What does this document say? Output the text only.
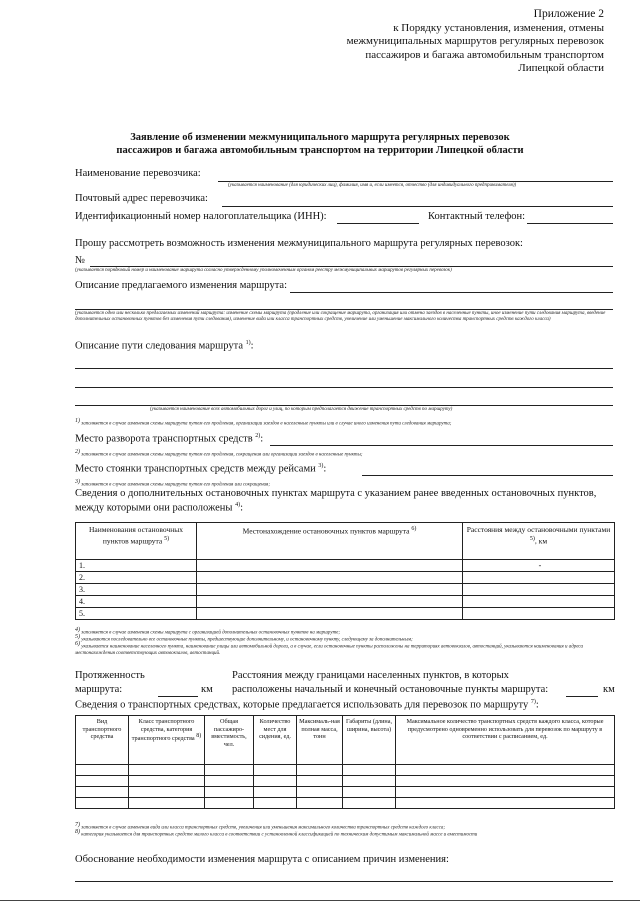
Приложение 2
к Порядку установления, изменения, отмены
межмуниципальных маршрутов регулярных перевозок
пассажиров и багажа автомобильным транспортом
Липецкой области
Заявление об изменении межмуниципального маршрута регулярных перевозок
пассажиров и багажа автомобильным транспортом на территории Липецкой области
Наименование перевозчика:
(указывается наименование (для юридических лиц), фамилия, имя и, если имеется, отчество (для индивидуального предпринимателя))
Почтовый адрес перевозчика:
Идентификационный номер налогоплательщика (ИНН):	Контактный телефон:
Прошу рассмотреть возможность изменения межмуниципального маршрута регулярных перевозок:
№
(указывается порядковый номер и наименование маршрута согласно утвержденному уполномоченным органом реестру межмуниципальных маршрутов регулярных перевозок)
Описание предлагаемого изменения маршрута:
(указывается одно или несколько предлагаемых изменений маршрута: изменение схемы маршрута (продление или сокращение маршрута, организация или отмена заездов в населенные пункты, иное изменение пути следования маршрута, введение дополнительных остановочных пунктов без изменения пути следования), изменение вида или класса транспортных средств, увеличение или уменьшение максимального количества транспортных средств каждого класса)
Описание пути следования маршрута $^{1)}$:
(указывается наименование всех автомобильных дорог и улиц, по которым предполагается движение транспортных средств по маршруту)
$^{1)}$ заполняется в случае изменения схемы маршрута путем его продления, организации заездов в населенные пункты или в случае иного изменения пути следования маршрута;
Место разворота транспортных средств $^{2)}$:
$^{2)}$ заполняется в случае изменения схемы маршрута путем его продления, сокращения или организации заездов в населенные пункты;
Место стоянки транспортных средств между рейсами $^{3)}$:
$^{3)}$ заполняется в случае изменения схемы маршрута путем его продления или сокращения;
Сведения о дополнительных остановочных пунктах маршрута с указанием ранее введенных остановочных пунктов,
между которыми они расположены $^{4)}$:
Наименования остановочных пунктов маршрута $^{5)}$	Местонахождение остановочных пунктов маршрута $^{6)}$	Расстояния между остановочными пунктами $^{5)}$, км
1.		-
2.		
3.		
4.		
5.		
$^{4)}$ заполняется в случае изменения схемы маршрута с организацией дополнительных остановочных пунктов на маршруте;
$^{5)}$ указываются последовательно все остановочные пункты, предшествующие дополнительному, и остановочному пункту, следующему за дополнительным;
$^{6)}$ указывается наименование населенного пункта, наименование улицы или автомобильной дороги, а в случае, если остановочные пункты расположены на территориях автовокзалов, автостанций, указываются наименования и адреса местонахождения соответствующих автовокзалов, автостанций.
Протяженность
маршрута:	км
Расстояния между границами населенных пунктов, в которых
расположены начальный и конечный остановочные пункты маршрута:	км
Сведения о транспортных средствах, которые предлагается использовать для перевозок по маршруту $^{7)}$:
Вид транспортного средства	Класс транспортного средства, категория транспортного средства $^{8)}$	Общая пассажиро-вместимость, чел.	Количество мест для сидения, ед.	Максималь-ная полная масса, тонн	Габариты (длина, ширина, высота)	Максимальное количество транспортных средств каждого класса, которые предусмотрено одновременно использовать для перевозок по маршруту в соответствии с расписанием, ед.

$^{7)}$ заполняется в случае изменения вида или класса транспортных средств, увеличения или уменьшения максимального количества транспортных средств каждого класса;
$^{8)}$ категория указывается для транспортных средств малого класса в соответствии с установленной классификацией по техническим допустимым максимальной массе и вместимости
Обоснование необходимости изменения маршрута с описанием причин изменения:
